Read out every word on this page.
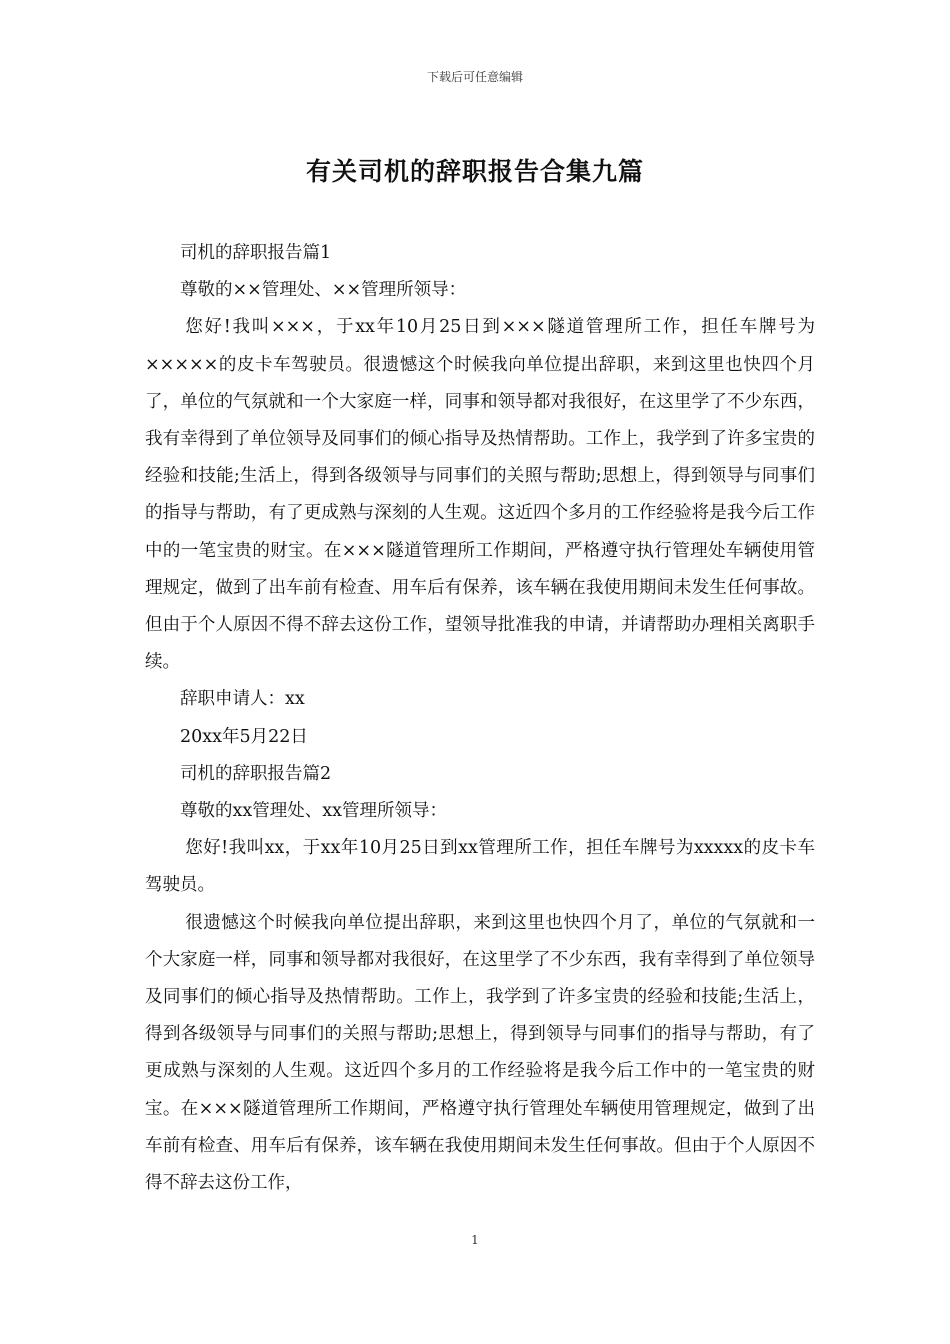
下载后可任意编辑
有关司机的辞职报告合集九篇

司机的辞职报告篇1

尊敬的××管理处、××管理所领导：

您好!我叫×××，于xx年10月25日到×××隧道管理所工作，担任车牌号为×××××的皮卡车驾驶员。很遗憾这个时候我向单位提出辞职，来到这里也快四个月了，单位的气氛就和一个大家庭一样，同事和领导都对我很好，在这里学了不少东西，我有幸得到了单位领导及同事们的倾心指导及热情帮助。工作上，我学到了许多宝贵的经验和技能;生活上，得到各级领导与同事们的关照与帮助;思想上，得到领导与同事们的指导与帮助，有了更成熟与深刻的人生观。这近四个多月的工作经验将是我今后工作中的一笔宝贵的财宝。在×××隧道管理所工作期间，严格遵守执行管理处车辆使用管理规定，做到了出车前有检查、用车后有保养，该车辆在我使用期间未发生任何事故。但由于个人原因不得不辞去这份工作，望领导批准我的申请，并请帮助办理相关离职手续。

辞职申请人：xx

20xx年5月22日

司机的辞职报告篇2

尊敬的xx管理处、xx管理所领导：

您好!我叫xx，于xx年10月25日到xx管理所工作，担任车牌号为xxxxx的皮卡车驾驶员。

很遗憾这个时候我向单位提出辞职，来到这里也快四个月了，单位的气氛就和一个大家庭一样，同事和领导都对我很好，在这里学了不少东西，我有幸得到了单位领导及同事们的倾心指导及热情帮助。工作上，我学到了许多宝贵的经验和技能;生活上，得到各级领导与同事们的关照与帮助;思想上，得到领导与同事们的指导与帮助，有了更成熟与深刻的人生观。这近四个多月的工作经验将是我今后工作中的一笔宝贵的财宝。在×××隧道管理所工作期间，严格遵守执行管理处车辆使用管理规定，做到了出车前有检查、用车后有保养，该车辆在我使用期间未发生任何事故。但由于个人原因不得不辞去这份工作，

1
